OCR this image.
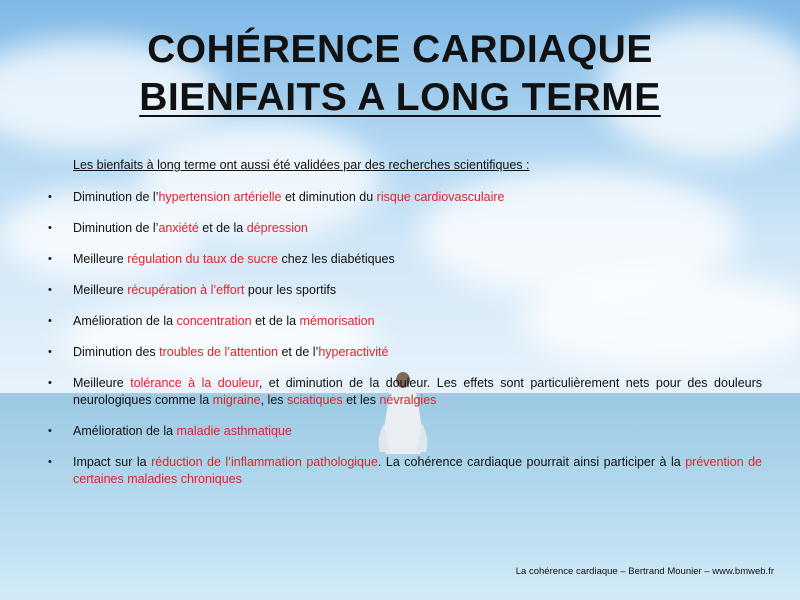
COHÉRENCE CARDIAQUE
BIENFAITS A LONG TERME
Les bienfaits à long terme ont aussi été validées par des recherches scientifiques :
• Diminution de l’hypertension artérielle et diminution du risque cardiovasculaire
• Diminution de l’anxiété et de la dépression
• Meilleure régulation du taux de sucre chez les diabétiques
• Meilleure récupération à l’effort pour les sportifs
• Amélioration de la concentration et de la mémorisation
• Diminution des troubles de l’attention et de l’hyperactivité
• Meilleure tolérance à la douleur, et diminution de la douleur. Les effets sont particulièrement nets pour des douleurs neurologiques comme la migraine, les sciatiques et les névralgies
• Amélioration de la maladie asthmatique
• Impact sur la réduction de l’inflammation pathologique. La cohérence cardiaque pourrait ainsi participer à la prévention de certaines maladies chroniques
La cohérence cardiaque – Bertrand Mounier – www.bmweb.fr
